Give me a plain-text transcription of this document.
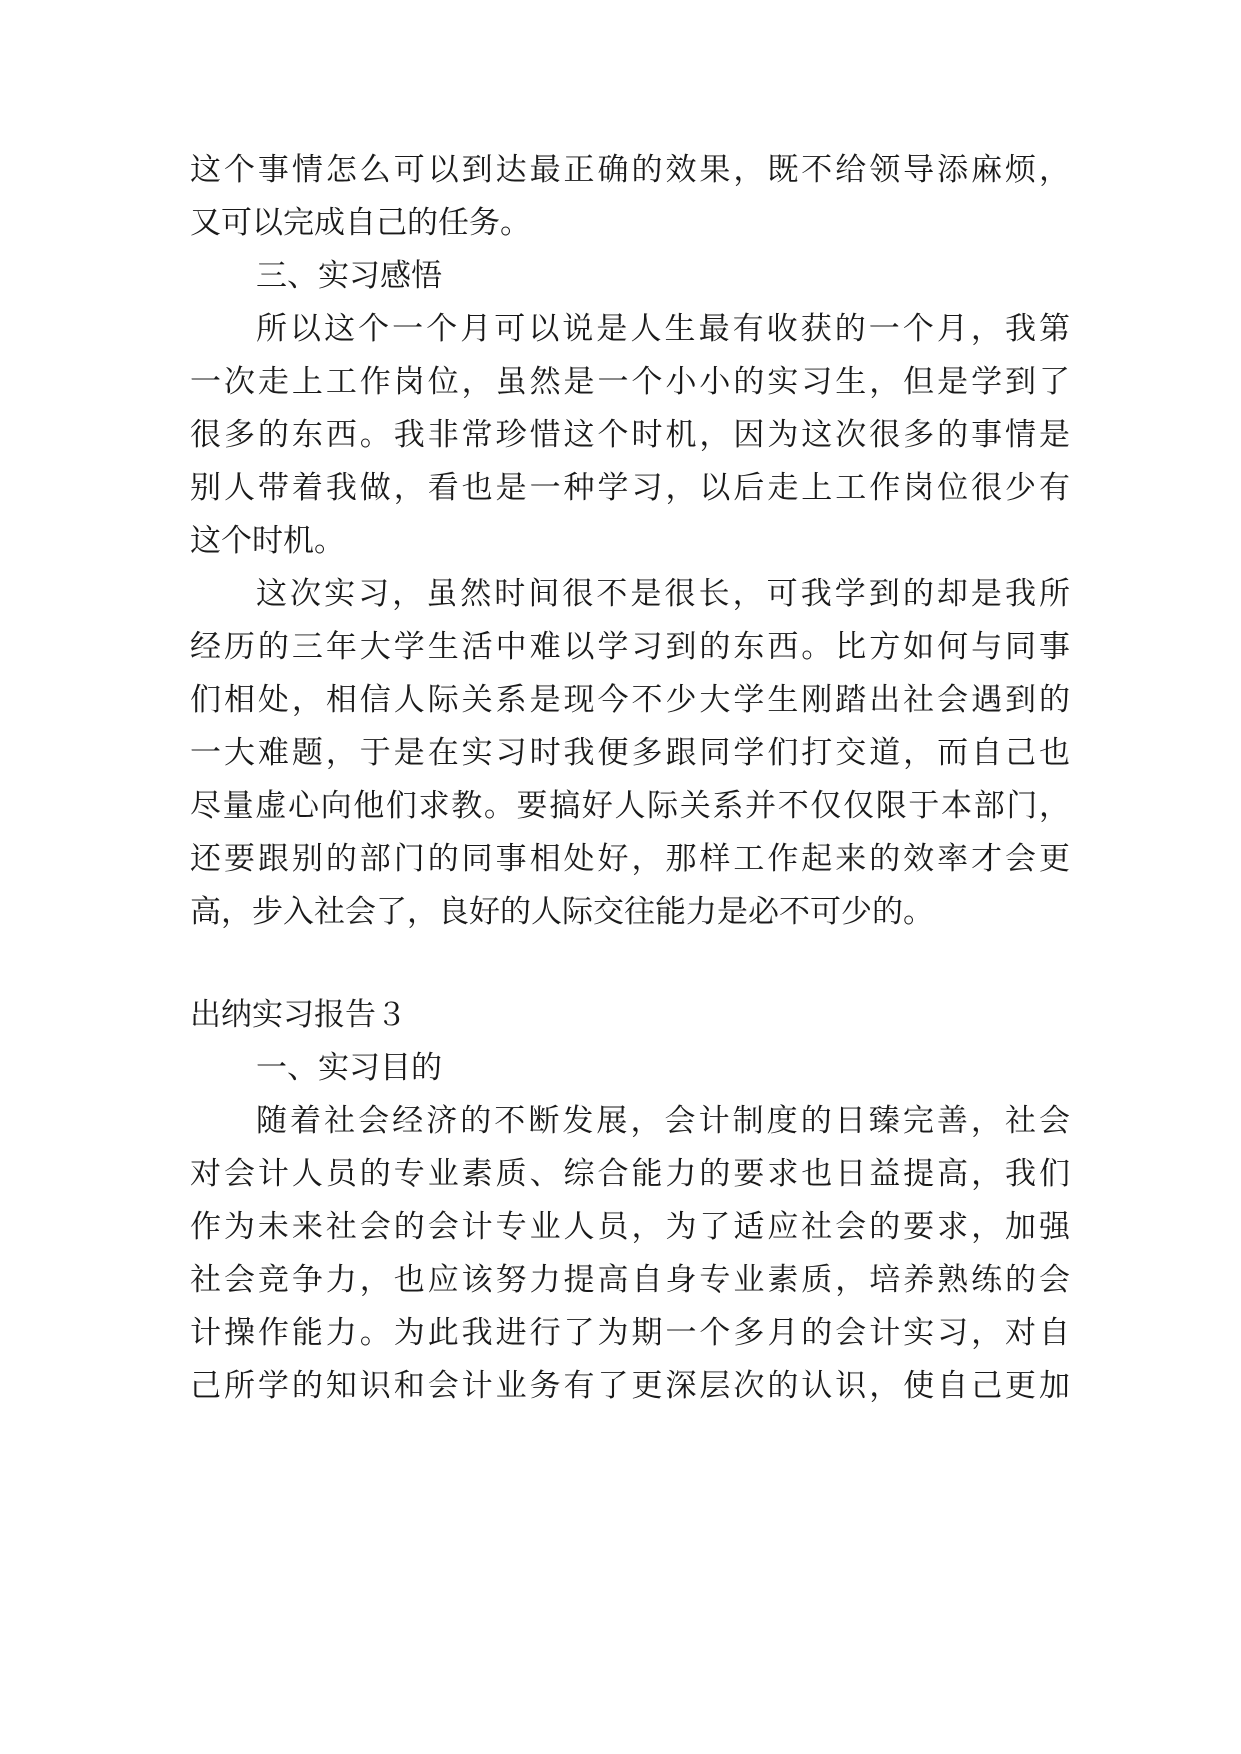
这个事情怎么可以到达最正确的效果，既不给领导添麻烦，
又可以完成自己的任务。
三、实习感悟
所以这个一个月可以说是人生最有收获的一个月，我第
一次走上工作岗位，虽然是一个小小的实习生，但是学到了
很多的东西。我非常珍惜这个时机，因为这次很多的事情是
别人带着我做，看也是一种学习，以后走上工作岗位很少有
这个时机。
这次实习，虽然时间很不是很长，可我学到的却是我所
经历的三年大学生活中难以学习到的东西。比方如何与同事
们相处，相信人际关系是现今不少大学生刚踏出社会遇到的
一大难题，于是在实习时我便多跟同学们打交道，而自己也
尽量虚心向他们求教。要搞好人际关系并不仅仅限于本部门，
还要跟别的部门的同事相处好，那样工作起来的效率才会更
高，步入社会了，良好的人际交往能力是必不可少的。
出纳实习报告３
一、实习目的
随着社会经济的不断发展，会计制度的日臻完善，社会
对会计人员的专业素质、综合能力的要求也日益提高，我们
作为未来社会的会计专业人员，为了适应社会的要求，加强
社会竞争力，也应该努力提高自身专业素质，培养熟练的会
计操作能力。为此我进行了为期一个多月的会计实习，对自
己所学的知识和会计业务有了更深层次的认识，使自己更加
